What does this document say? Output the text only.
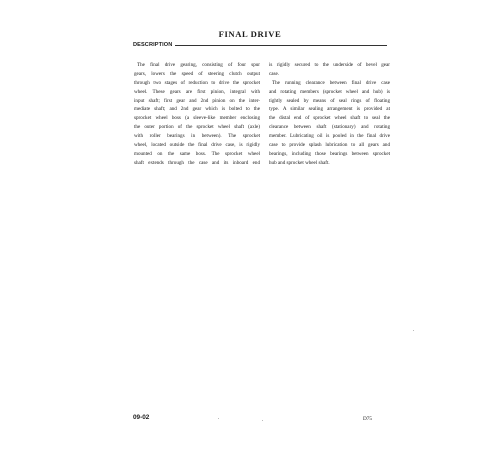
FINAL DRIVE
DESCRIPTION
The final drive gearing, consisting of four spur
gears, lowers the speed of steering clutch output
through two stages of reduction to drive the sprocket
wheel. These gears are first pinion, integral with
input shaft; first gear and 2nd pinion on the inter-
mediate shaft; and 2nd gear which is bolted to the
sprocket wheel boss (a sleeve-like member enclosing
the outer portion of the sprocket wheel shaft (axle)
with roller bearings in between). The sprocket
wheel, located outside the final drive case, is rigidly
mounted on the same boss. The sprocket wheel
shaft extends through the case and its inboard end
is rigidly secured to the underside of bevel gear
case.
The running clearance between final drive case
and rotating members (sprocket wheel and hub) is
tightly sealed by means of seal rings of floating
type. A similar sealing arrangement is provided at
the distal end of sprocket wheel shaft to seal the
clearance between shaft (stationary) and rotating
member. Lubricating oil is pooled in the final drive
case to provide splash lubrication to all gears and
bearings, including those bearings between sprocket
hub and sprocket wheel shaft.
09-02	D75
